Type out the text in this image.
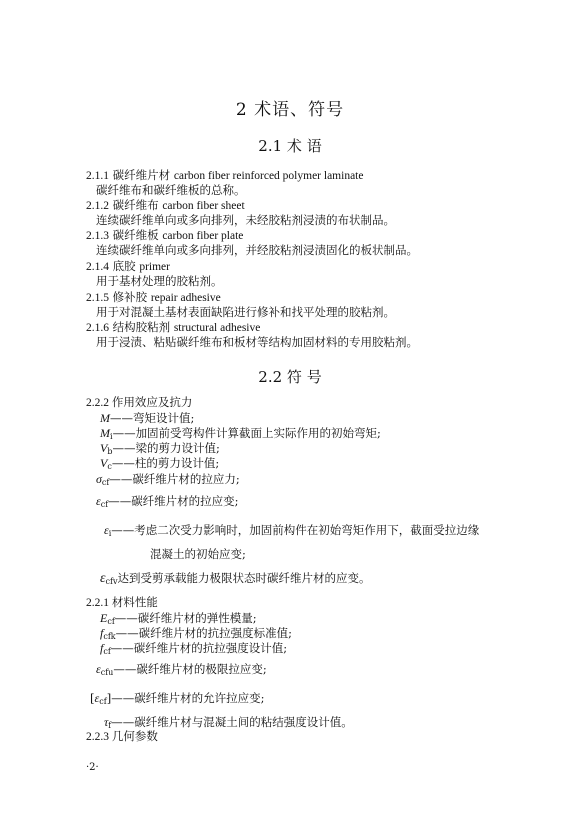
2 术语、符号
2.1 术 语
2.1.1 碳纤维片材 carbon fiber reinforced polymer laminate
碳纤维布和碳纤维板的总称。
2.1.2 碳纤维布 carbon fiber sheet
连续碳纤维单向或多向排列，未经胶粘剂浸渍的布状制品。
2.1.3 碳纤维板 carbon fiber plate
连续碳纤维单向或多向排列，并经胶粘剂浸渍固化的板状制品。
2.1.4 底胶 primer
用于基材处理的胶粘剂。
2.1.5 修补胶 repair adhesive
用于对混凝土基材表面缺陷进行修补和找平处理的胶粘剂。
2.1.6 结构胶粘剂 structural adhesive
用于浸渍、粘贴碳纤维布和板材等结构加固材料的专用胶粘剂。
2.2 符 号
2.2.2 作用效应及抗力
M——弯矩设计值;
$M_i——$加固前受弯构件计算截面上实际作用的初始弯矩;
$V_b——$梁的剪力设计值;
$V_c——$柱的剪力设计值;
$\sigma_{cf}——$碳纤维片材的拉应力;
$\varepsilon_{cf}——$碳纤维片材的拉应变;
$\varepsilon_i——$考虑二次受力影响时，加固前构件在初始弯矩作用下，截面受拉边缘
混凝土的初始应变;
$\varepsilon_{cfv}$达到受剪承载能力极限状态时碳纤维片材的应变。
2.2.1 材料性能
$E_{cf}——$碳纤维片材的弹性模量;
$f_{cfk}——$碳纤维片材的抗拉强度标准值;
$f_{cf}——$碳纤维片材的抗拉强度设计值;
$\varepsilon_{cfu}——$碳纤维片材的极限拉应变;
$[\varepsilon_{cf}]——$碳纤维片材的允许拉应变;
$\tau_f——$碳纤维片材与混凝土间的粘结强度设计值。
2.2.3 几何参数
·2·
